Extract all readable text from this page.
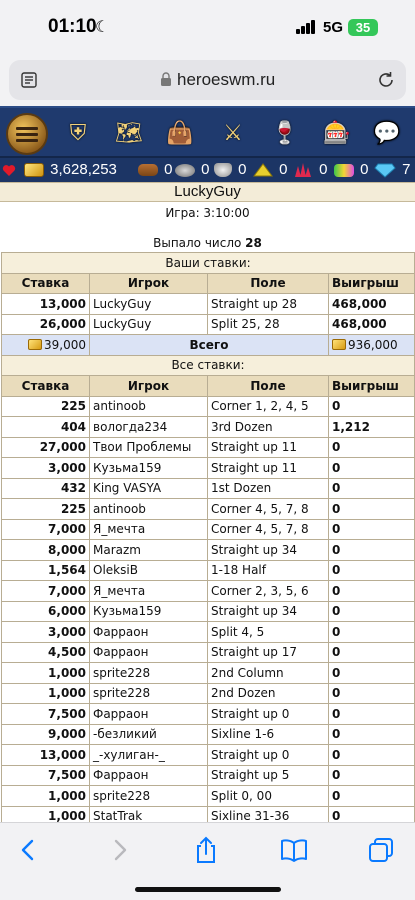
01:10
☾	5G 35
heroeswm.ru
⛨	🗺	👜	⚔	🍷	🎰	💬
3,628,253	0	0	0	0	0	0	7
LuckyGuy
Игра: 3:10:00
Выпало число 28
Ваши ставки:			
Ставка	Игрок	Поле	Выигрыш
13,000	LuckyGuy	Straight up 28	468,000
26,000	LuckyGuy	Split 25, 28	468,000
39,000	Всего		936,000
Все ставки:			
Ставка	Игрок	Поле	Выигрыш
225	antinoob	Corner 1, 2, 4, 5	0
404	вологда234	3rd Dozen	1,212
27,000	Твои Проблемы	Straight up 11	0
3,000	Кузьма159	Straight up 11	0
432	King VASYA	1st Dozen	0
225	antinoob	Corner 4, 5, 7, 8	0
7,000	Я_мечта	Corner 4, 5, 7, 8	0
8,000	Marazm	Straight up 34	0
1,564	OleksiB	1-18 Half	0
7,000	Я_мечта	Corner 2, 3, 5, 6	0
6,000	Кузьма159	Straight up 34	0
3,000	Фарраон	Split 4, 5	0
4,500	Фарраон	Straight up 17	0
1,000	sprite228	2nd Column	0
1,000	sprite228	2nd Dozen	0
7,500	Фарраон	Straight up 0	0
9,000	-безликий	Sixline 1-6	0
13,000	_-хулиган-_	Straight up 0	0
7,500	Фарраон	Straight up 5	0
1,000	sprite228	Split 0, 00	0
1,000	StatTrak	Sixline 31-36	0
